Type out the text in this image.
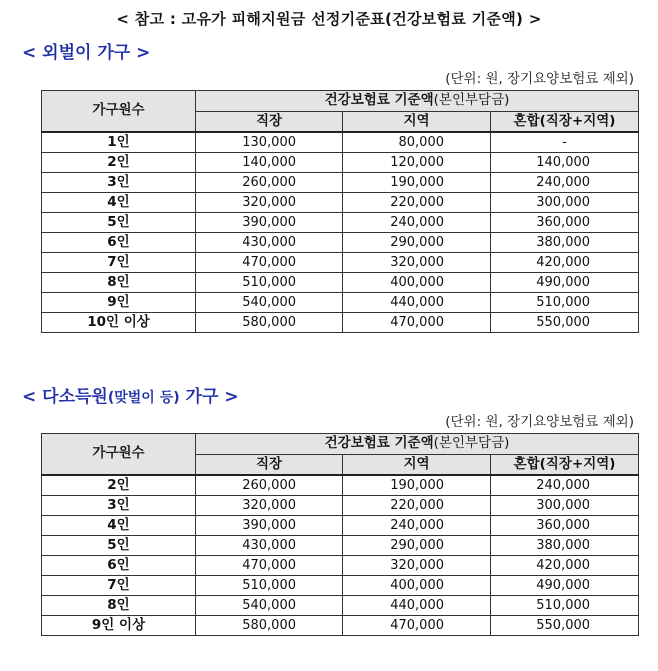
< 참고 : 고유가 피해지원금 선정기준표(건강보험료 기준액) >
< 외벌이 가구 >
(단위: 원, 장기요양보험료 제외)
가구원수	건강보험료 기준액(본인부담금)		
	직장	지역	혼합(직장+지역)
1인	130,000	80,000	-
2인	140,000	120,000	140,000
3인	260,000	190,000	240,000
4인	320,000	220,000	300,000
5인	390,000	240,000	360,000
6인	430,000	290,000	380,000
7인	470,000	320,000	420,000
8인	510,000	400,000	490,000
9인	540,000	440,000	510,000
10인 이상	580,000	470,000	550,000
< 다소득원(맞벌이 등) 가구 >
(단위: 원, 장기요양보험료 제외)
가구원수	건강보험료 기준액(본인부담금)		
	직장	지역	혼합(직장+지역)
2인	260,000	190,000	240,000
3인	320,000	220,000	300,000
4인	390,000	240,000	360,000
5인	430,000	290,000	380,000
6인	470,000	320,000	420,000
7인	510,000	400,000	490,000
8인	540,000	440,000	510,000
9인 이상	580,000	470,000	550,000
